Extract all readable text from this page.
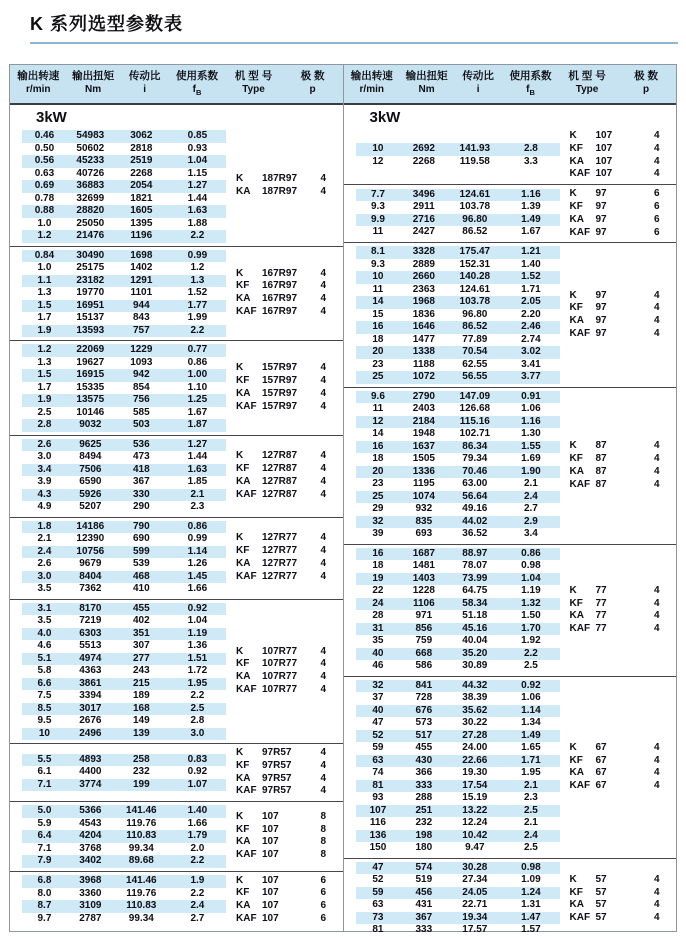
K 系列选型参数表
输出转速
r/min
输出扭矩
Nm
传动比
i
使用系数
$f_B$
机 型 号
Type
极 数
p
3kW
0.46	54983	3062	0.85
0.50	50602	2818	0.93
0.56	45233	2519	1.04
0.63	40726	2268	1.15
0.69	36883	2054	1.27
0.78	32699	1821	1.44
0.88	28820	1605	1.63
1.0	25050	1395	1.88
1.2	21476	1196	2.2
K	187R97	4
KA	187R97	4
0.84	30490	1698	0.99
1.0	25175	1402	1.2
1.1	23182	1291	1.3
1.3	19770	1101	1.52
1.5	16951	944	1.77
1.7	15137	843	1.99
1.9	13593	757	2.2
K	167R97	4
KF	167R97	4
KA	167R97	4
KAF 167R97	4
1.2	22069	1229	0.77
1.3	19627	1093	0.86
1.5	16915	942	1.00
1.7	15335	854	1.10
1.9	13575	756	1.25
2.5	10146	585	1.67
2.8	9032	503	1.87
K	157R97	4
KF	157R97	4
KA	157R97	4
KAF 157R97	4
2.6	9625	536	1.27
3.0	8494	473	1.44
3.4	7506	418	1.63
3.9	6590	367	1.85
4.3	5926	330	2.1
4.9	5207	290	2.3
K	127R87	4
KF	127R87	4
KA	127R87	4
KAF 127R87	4
1.8	14186	790	0.86
2.1	12390	690	0.99
2.4	10756	599	1.14
2.6	9679	539	1.26
3.0	8404	468	1.45
3.5	7362	410	1.66
K	127R77	4
KF	127R77	4
KA	127R77	4
KAF 127R77	4
3.1	8170	455	0.92
3.5	7219	402	1.04
4.0	6303	351	1.19
4.6	5513	307	1.36
5.1	4974	277	1.51
5.8	4363	243	1.72
6.6	3861	215	1.95
7.5	3394	189	2.2
8.5	3017	168	2.5
9.5	2676	149	2.8
10	2496	139	3.0
K	107R77	4
KF	107R77	4
KA	107R77	4
KAF 107R77	4
5.5	4893	258	0.83
6.1	4400	232	0.92
7.1	3774	199	1.07
K	97R57	4
KF	97R57	4
KA	97R57	4
KAF 97R57	4
5.0	5366	141.46	1.40
5.9	4543	119.76	1.66
6.4	4204	110.83	1.79
7.1	3768	99.34	2.0
7.9	3402	89.68	2.2
K	107	8
KF	107	8
KA	107	8
KAF 107	8
6.8	3968	141.46	1.9
8.0	3360	119.76	2.2
8.7	3109	110.83	2.4
9.7	2787	99.34	2.7
K	107	6
KF	107	6
KA	107	6
KAF 107	6
输出转速
r/min
输出扭矩
Nm
传动比
i
使用系数
$f_B$
机 型 号
Type
极 数
p
3kW
10	2692	141.93	2.8
12	2268	119.58	3.3
K	107	4
KF	107	4
KA	107	4
KAF 107	4
7.7	3496	124.61	1.16
9.3	2911	103.78	1.39
9.9	2716	96.80	1.49
11	2427	86.52	1.67
K	97	6
KF	97	6
KA	97	6
KAF 97	6
8.1	3328	175.47	1.21
9.3	2889	152.31	1.40
10	2660	140.28	1.52
11	2363	124.61	1.71
14	1968	103.78	2.05
15	1836	96.80	2.20
16	1646	86.52	2.46
18	1477	77.89	2.74
20	1338	70.54	3.02
23	1188	62.55	3.41
25	1072	56.55	3.77
K	97	4
KF	97	4
KA	97	4
KAF 97	4
9.6	2790	147.09	0.91
11	2403	126.68	1.06
12	2184	115.16	1.16
14	1948	102.71	1.30
16	1637	86.34	1.55
18	1505	79.34	1.69
20	1336	70.46	1.90
23	1195	63.00	2.1
25	1074	56.64	2.4
29	932	49.16	2.7
32	835	44.02	2.9
39	693	36.52	3.4
K	87	4
KF	87	4
KA	87	4
KAF 87	4
16	1687	88.97	0.86
18	1481	78.07	0.98
19	1403	73.99	1.04
22	1228	64.75	1.19
24	1106	58.34	1.32
28	971	51.18	1.50
31	856	45.16	1.70
35	759	40.04	1.92
40	668	35.20	2.2
46	586	30.89	2.5
K	77	4
KF	77	4
KA	77	4
KAF 77	4
32	841	44.32	0.92
37	728	38.39	1.06
40	676	35.62	1.14
47	573	30.22	1.34
52	517	27.28	1.49
59	455	24.00	1.65
63	430	22.66	1.71
74	366	19.30	1.95
81	333	17.54	2.1
93	288	15.19	2.3
107	251	13.22	2.5
116	232	12.24	2.1
136	198	10.42	2.4
150	180	9.47	2.5
K	67	4
KF	67	4
KA	67	4
KAF 67	4
47	574	30.28	0.98
52	519	27.34	1.09
59	456	24.05	1.24
63	431	22.71	1.31
73	367	19.34	1.47
81	333	17.57	1.57
K	57	4
KF	57	4
KA	57	4
KAF 57	4
